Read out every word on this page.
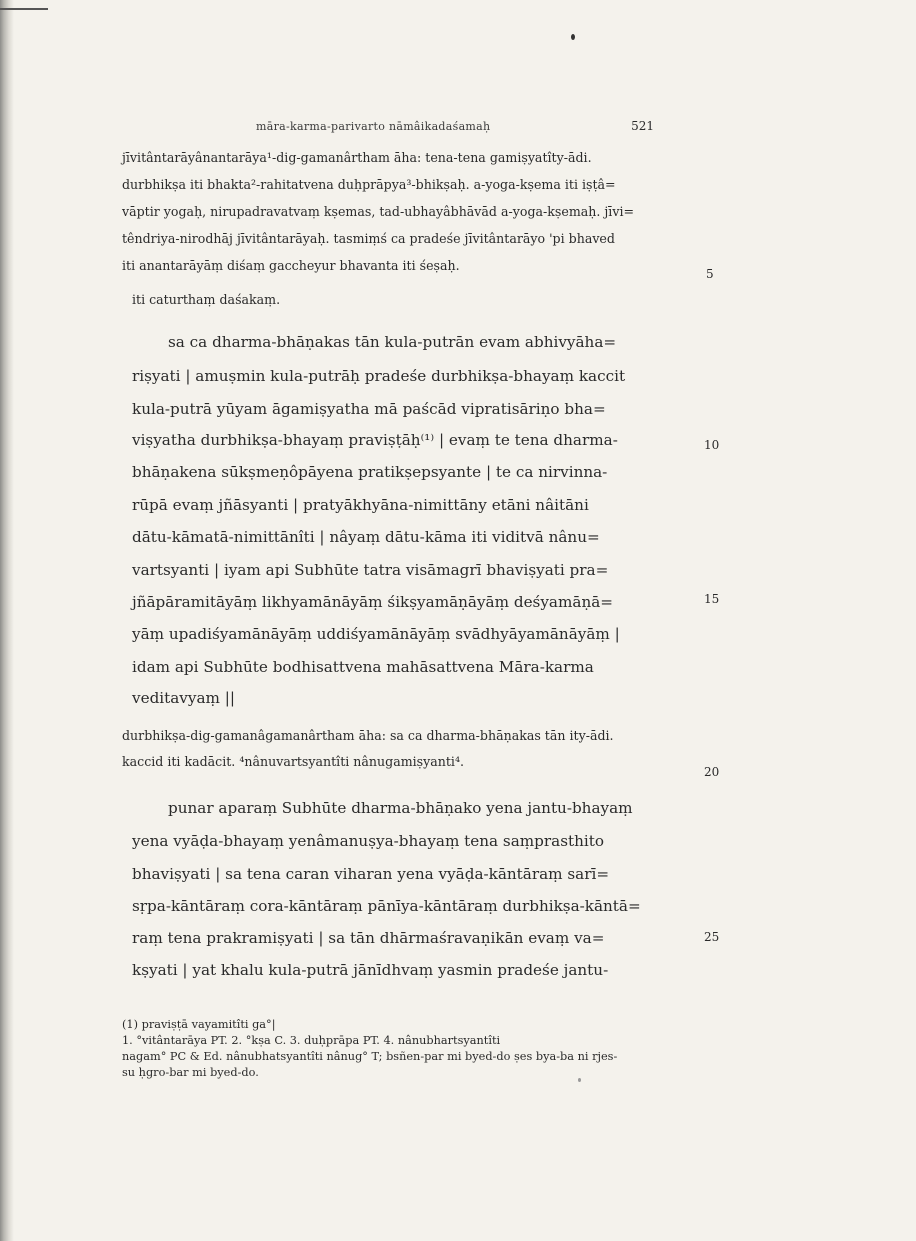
māra-karma-parivarto nāmâikadaśamaḥ	521
jīvitântarāyânantarāya¹-dig-gamanârtham āha: tena-tena gamiṣyatîty-ādi.
durbhikṣa iti bhakta²-rahitatvena duḥprāpya³-bhikṣaḥ. a-yoga-kṣema iti iṣṭâ=
vāptir yogaḥ, nirupadravatvaṃ kṣemas, tad-ubhayâbhāvād a-yoga-kṣemaḥ. jīvi=
têndriya-nirodhāj jīvitântarāyaḥ. tasmiṃś ca pradeśe jīvitântarāyo 'pi bhaved
iti anantarāyāṃ diśaṃ gaccheyur bhavanta iti śeṣaḥ.
iti caturthaṃ daśakaṃ.
sa ca dharma-bhāṇakas tān kula-putrān evam abhivyāha=
riṣyati | amuṣmin kula-putrāḥ pradeśe durbhikṣa-bhayaṃ kaccit
kula-putrā yūyam āgamiṣyatha mā paścād vipratisāriṇo bha=
viṣyatha durbhikṣa-bhayaṃ praviṣṭāḥ⁽¹⁾ | evaṃ te tena dharma-
bhāṇakena sūkṣmeṇôpāyena pratikṣepsyante | te ca nirvinna-
rūpā evaṃ jñāsyanti | pratyākhyāna-nimittāny etāni nâitāni
dātu-kāmatā-nimittānîti | nâyaṃ dātu-kāma iti viditvā nânu=
vartsyanti | iyam api Subhūte tatra visāmagrī bhaviṣyati pra=
jñāpāramitāyāṃ likhyamānāyāṃ śikṣyamāṇāyāṃ deśyamāṇā=
yāṃ upadiśyamānāyāṃ uddiśyamānāyāṃ svādhyāyamānāyāṃ |
idam api Subhūte bodhisattvena mahāsattvena Māra-karma
veditavyaṃ ||
durbhikṣa-dig-gamanâgamanârtham āha: sa ca dharma-bhāṇakas tān ity-ādi.
kaccid iti kadācit. ⁴nânuvartsyantîti nânugamiṣyanti⁴.
punar aparaṃ Subhūte dharma-bhāṇako yena jantu-bhayaṃ
yena vyāḍa-bhayaṃ yenâmanuṣya-bhayaṃ tena saṃprasthito
bhaviṣyati | sa tena caran viharan yena vyāḍa-kāntāraṃ sarī=
sṛpa-kāntāraṃ cora-kāntāraṃ pānīya-kāntāraṃ durbhikṣa-kāntā=
raṃ tena prakramiṣyati | sa tān dhārmaśravaṇikān evaṃ va=
kṣyati | yat khalu kula-putrā jānīdhvaṃ yasmin pradeśe jantu-
(1) praviṣṭā vayamitîti ga°|
1. °vitântarāya PT. 2. °kṣa C. 3. duḥprāpa PT. 4. nânubhartsyantîti
nagam° PC & Ed. nânubhatsyantîti nânug° T; bsñen-par mi byed-do ṣes bya-ba ni rjes-
su ḥgro-bar mi byed-do.
5
10
15
20
25
